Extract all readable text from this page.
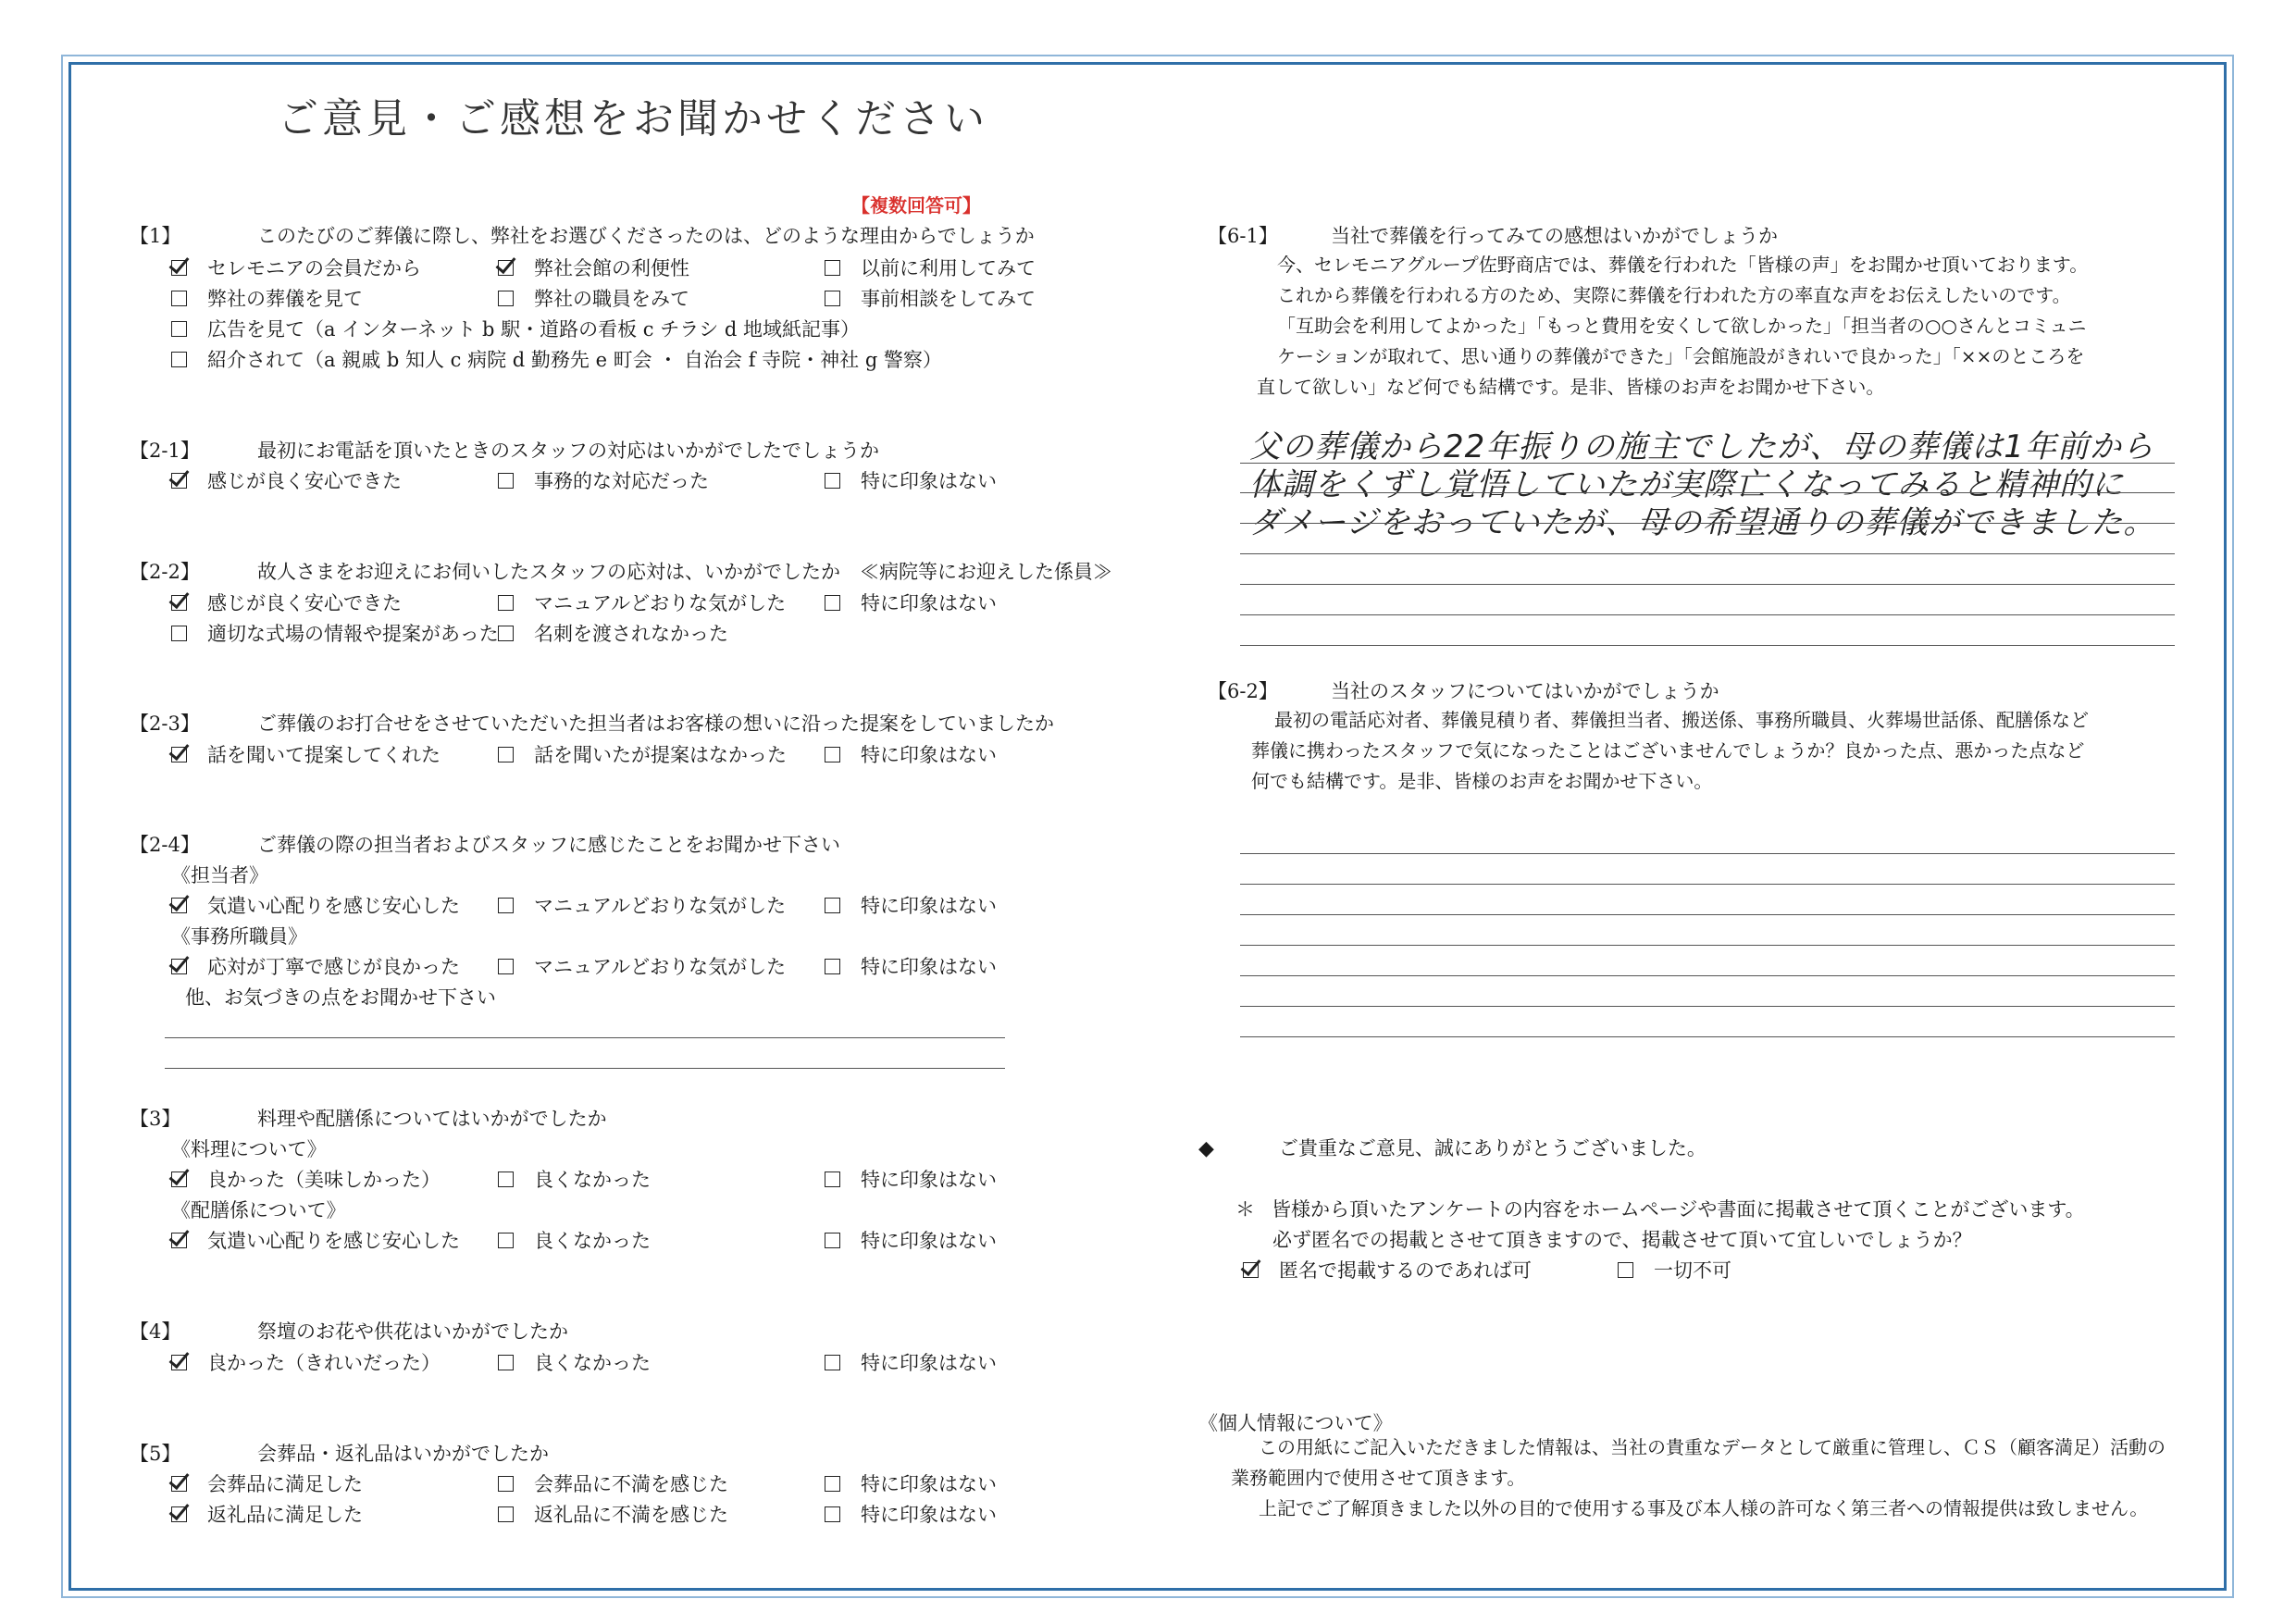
ご意見・ご感想をお聞かせください
【複数回答可】
【1】	このたびのご葬儀に際し、弊社をお選びくださったのは、どのような理由からでしょうか
セレモニアの会員だから	弊社会館の利便性	以前に利用してみて
弊社の葬儀を見て	弊社の職員をみて	事前相談をしてみて
広告を見て（a インターネット b 駅・道路の看板 c チラシ d 地域紙記事）
紹介されて（a 親戚 b 知人 c 病院 d 勤務先 e 町会 ・ 自治会 f 寺院・神社 g 警察）
【2-1】	最初にお電話を頂いたときのスタッフの対応はいかがでしたでしょうか
感じが良く安心できた	事務的な対応だった	特に印象はない
【2-2】	故人さまをお迎えにお伺いしたスタッフの応対は、いかがでしたか　≪病院等にお迎えした係員≫
感じが良く安心できた	マニュアルどおりな気がした	特に印象はない
適切な式場の情報や提案があった	名刺を渡されなかった
【2-3】	ご葬儀のお打合せをさせていただいた担当者はお客様の想いに沿った提案をしていましたか
話を聞いて提案してくれた	話を聞いたが提案はなかった	特に印象はない
【2-4】	ご葬儀の際の担当者およびスタッフに感じたことをお聞かせ下さい
《担当者》
気遣い心配りを感じ安心した	マニュアルどおりな気がした	特に印象はない
《事務所職員》
応対が丁寧で感じが良かった	マニュアルどおりな気がした	特に印象はない
他、お気づきの点をお聞かせ下さい
【3】	料理や配膳係についてはいかがでしたか
《料理について》
良かった（美味しかった）	良くなかった	特に印象はない
《配膳係について》
気遣い心配りを感じ安心した	良くなかった	特に印象はない
【4】	祭壇のお花や供花はいかがでしたか
良かった（きれいだった）	良くなかった	特に印象はない
【5】	会葬品・返礼品はいかがでしたか
会葬品に満足した	会葬品に不満を感じた	特に印象はない
返礼品に満足した	返礼品に不満を感じた	特に印象はない
【6-1】	当社で葬儀を行ってみての感想はいかがでしょうか
今、セレモニアグループ佐野商店では、葬儀を行われた「皆様の声」をお聞かせ頂いております。
これから葬儀を行われる方のため、実際に葬儀を行われた方の率直な声をお伝えしたいのです。
「互助会を利用してよかった」「もっと費用を安くして欲しかった」「担当者の○○さんとコミュニ
ケーションが取れて、思い通りの葬儀ができた」「会館施設がきれいで良かった」「××のところを
直して欲しい」など何でも結構です。是非、皆様のお声をお聞かせ下さい。
父の葬儀から22年振りの施主でしたが、母の葬儀は1年前から
体調をくずし覚悟していたが実際亡くなってみると精神的に
ダメージをおっていたが、母の希望通りの葬儀ができました。
【6-2】	当社のスタッフについてはいかがでしょうか
最初の電話応対者、葬儀見積り者、葬儀担当者、搬送係、事務所職員、火葬場世話係、配膳係など
葬儀に携わったスタッフで気になったことはございませんでしょうか？良かった点、悪かった点など
何でも結構です。是非、皆様のお声をお聞かせ下さい。
◆	ご貴重なご意見、誠にありがとうございました。
＊ 皆様から頂いたアンケートの内容をホームページや書面に掲載させて頂くことがございます。
必ず匿名での掲載とさせて頂きますので、掲載させて頂いて宜しいでしょうか？
匿名で掲載するのであれば可	一切不可
《個人情報について》
この用紙にご記入いただきました情報は、当社の貴重なデータとして厳重に管理し、ＣＳ（顧客満足）活動の
業務範囲内で使用させて頂きます。
上記でご了解頂きました以外の目的で使用する事及び本人様の許可なく第三者への情報提供は致しません。
